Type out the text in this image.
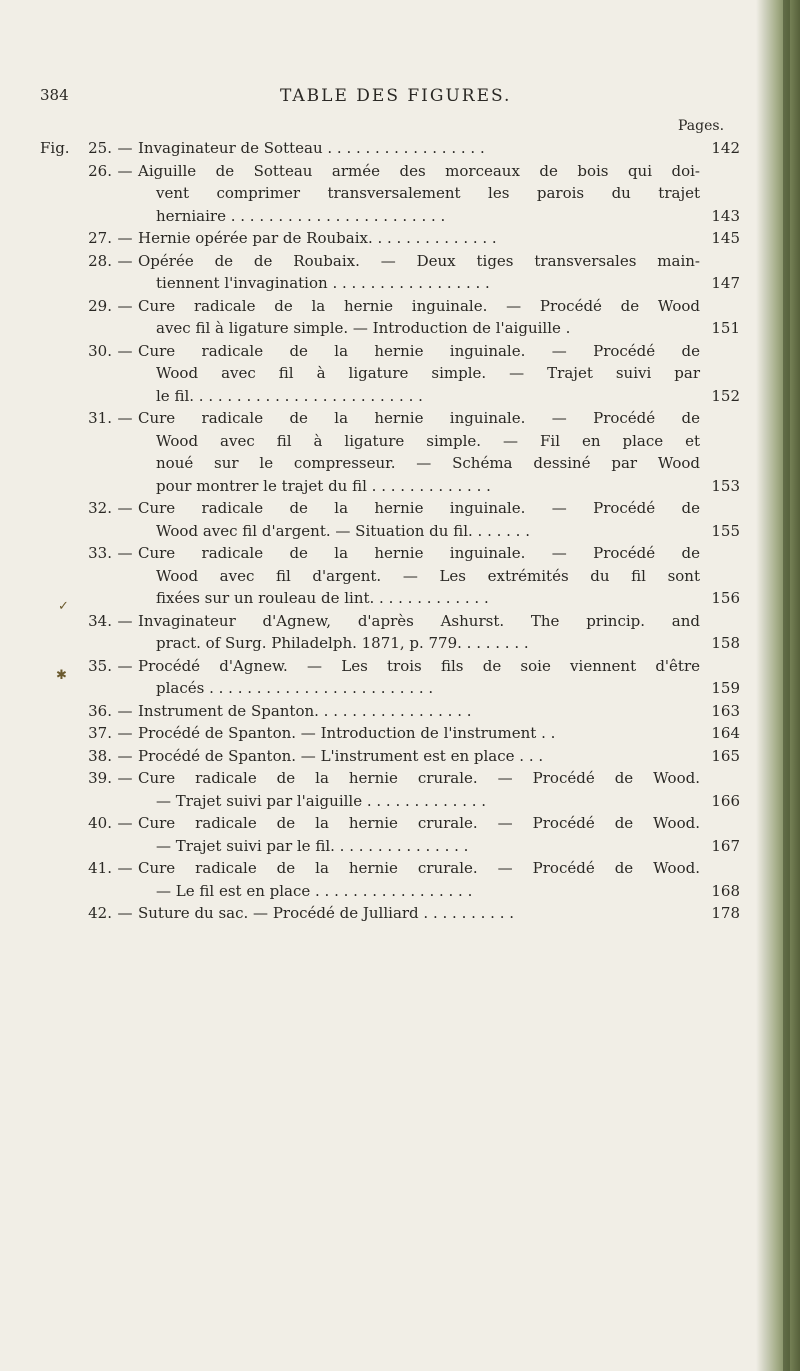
384	TABLE DES FIGURES.
Pages.
Fig.	25. — Invaginateur de Sotteau . . . . . . . . . . . . . . . . .	142
26. — Aiguille de Sotteau armée des morceaux de bois qui doi-
vent comprimer transversalement les parois du trajet
herniaire . . . . . . . . . . . . . . . . . . . . . . .	143
27. — Hernie opérée par de Roubaix. . . . . . . . . . . . . .	145
28. — Opérée de de Roubaix. — Deux tiges transversales main-
tiennent l'invagination . . . . . . . . . . . . . . . . .	147
29. — Cure radicale de la hernie inguinale. — Procédé de Wood
avec fil à ligature simple. — Introduction de l'aiguille .	151
30. — Cure radicale de la hernie inguinale. — Procédé de
Wood avec fil à ligature simple. — Trajet suivi par
le fil. . . . . . . . . . . . . . . . . . . . . . . . .	152
31. — Cure radicale de la hernie inguinale. — Procédé de
Wood avec fil à ligature simple. — Fil en place et
noué sur le compresseur. — Schéma dessiné par Wood
pour montrer le trajet du fil . . . . . . . . . . . . .	153
32. — Cure radicale de la hernie inguinale. — Procédé de
Wood avec fil d'argent. — Situation du fil. . . . . . .	155
33. — Cure radicale de la hernie inguinale. — Procédé de
Wood avec fil d'argent. — Les extrémités du fil sont
fixées sur un rouleau de lint. . . . . . . . . . . . .	156
34. — Invaginateur d'Agnew, d'après Ashurst. The princip. and
pract. of Surg. Philadelph. 1871, p. 779. . . . . . . .	158
35. — Procédé d'Agnew. — Les trois fils de soie viennent d'être
placés . . . . . . . . . . . . . . . . . . . . . . . .	159
36. — Instrument de Spanton. . . . . . . . . . . . . . . . .	163
37. — Procédé de Spanton. — Introduction de l'instrument . .	164
38. — Procédé de Spanton. — L'instrument est en place . . .	165
39. — Cure radicale de la hernie crurale. — Procédé de Wood.
— Trajet suivi par l'aiguille . . . . . . . . . . . . .	166
40. — Cure radicale de la hernie crurale. — Procédé de Wood.
— Trajet suivi par le fil. . . . . . . . . . . . . . .	167
41. — Cure radicale de la hernie crurale. — Procédé de Wood.
— Le fil est en place . . . . . . . . . . . . . . . . .	168
42. — Suture du sac. — Procédé de Julliard . . . . . . . . . .	178
✓
✱
